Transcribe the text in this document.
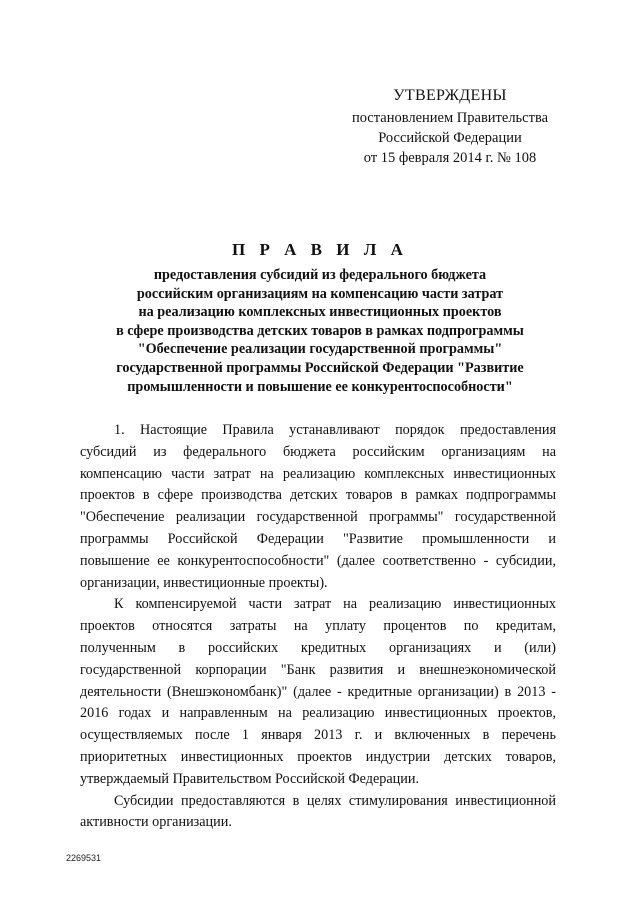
УТВЕРЖДЕНЫ
постановлением Правительства
Российской Федерации
от 15 февраля 2014 г. № 108
П Р А В И Л А
предоставления субсидий из федерального бюджета
российским организациям на компенсацию части затрат
на реализацию комплексных инвестиционных проектов
в сфере производства детских товаров в рамках подпрограммы
"Обеспечение реализации государственной программы"
государственной программы Российской Федерации "Развитие
промышленности и повышение ее конкурентоспособности"
1. Настоящие Правила устанавливают порядок предоставления
субсидий из федерального бюджета российским организациям на
компенсацию части затрат на реализацию комплексных инвестиционных
проектов в сфере производства детских товаров в рамках подпрограммы
"Обеспечение реализации государственной программы" государственной
программы Российской Федерации "Развитие промышленности и
повышение ее конкурентоспособности" (далее соответственно - субсидии,
организации, инвестиционные проекты).
К компенсируемой части затрат на реализацию инвестиционных
проектов относятся затраты на уплату процентов по кредитам,
полученным в российских кредитных организациях и (или)
государственной корпорации "Банк развития и внешнеэкономической
деятельности (Внешэкономбанк)" (далее - кредитные организации) в 2013 -
2016 годах и направленным на реализацию инвестиционных проектов,
осуществляемых после 1 января 2013 г. и включенных в перечень
приоритетных инвестиционных проектов индустрии детских товаров,
утверждаемый Правительством Российской Федерации.
Субсидии предоставляются в целях стимулирования инвестиционной
активности организации.
2269531
